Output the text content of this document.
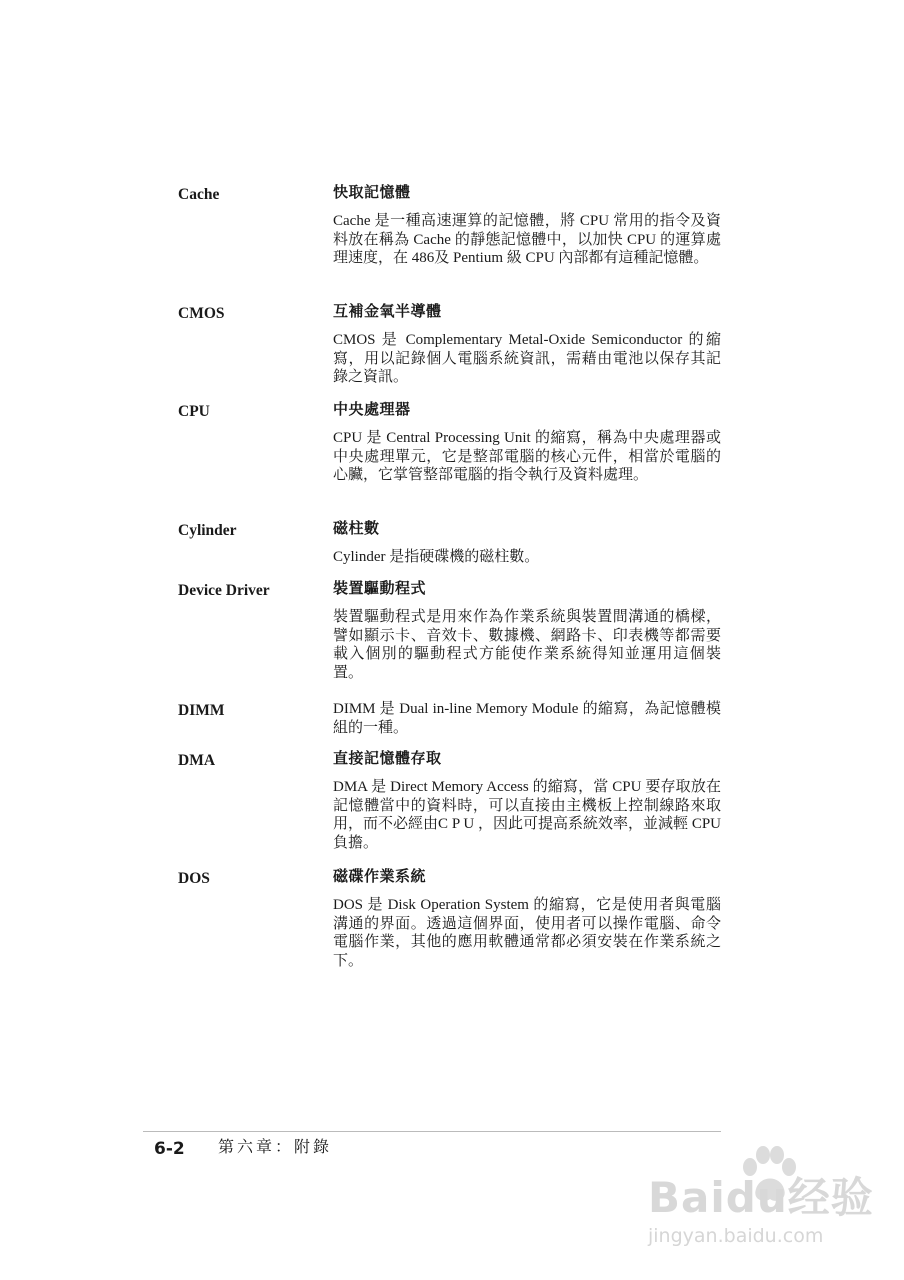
Cache	快取記憶體

Cache 是一種高速運算的記憶體，將 CPU 常用的指令及資料放在稱為 Cache 的靜態記憶體中，以加快 CPU 的運算處理速度，在 486及 Pentium 級 CPU 內部都有這種記憶體。

CMOS	互補金氧半導體

CMOS 是 Complementary Metal-Oxide Semiconductor 的縮寫，用以記錄個人電腦系統資訊，需藉由電池以保存其記錄之資訊。

CPU	中央處理器

CPU 是 Central Processing Unit 的縮寫，稱為中央處理器或中央處理單元，它是整部電腦的核心元件，相當於電腦的心臟，它掌管整部電腦的指令執行及資料處理。

Cylinder	磁柱數

Cylinder 是指硬碟機的磁柱數。

Device Driver	裝置驅動程式

裝置驅動程式是用來作為作業系統與裝置間溝通的橋樑，譬如顯示卡、音效卡、數據機、網路卡、印表機等都需要載入個別的驅動程式方能使作業系統得知並運用這個裝置。

DIMM	DIMM 是 Dual in-line Memory Module 的縮寫，為記憶體模組的一種。

DMA	直接記憶體存取

DMA 是 Direct Memory Access 的縮寫，當 CPU 要存取放在記憶體當中的資料時，可以直接由主機板上控制線路來取用，而不必經由C P U ，因此可提高系統效率，並減輕 CPU 負擔。

DOS	磁碟作業系統

DOS 是 Disk Operation System 的縮寫，它是使用者與電腦溝通的界面。透過這個界面，使用者可以操作電腦、命令電腦作業，其他的應用軟體通常都必須安裝在作業系統之下。

6-2 第六章：附錄
Baidu经验
jingyan.baidu.com
